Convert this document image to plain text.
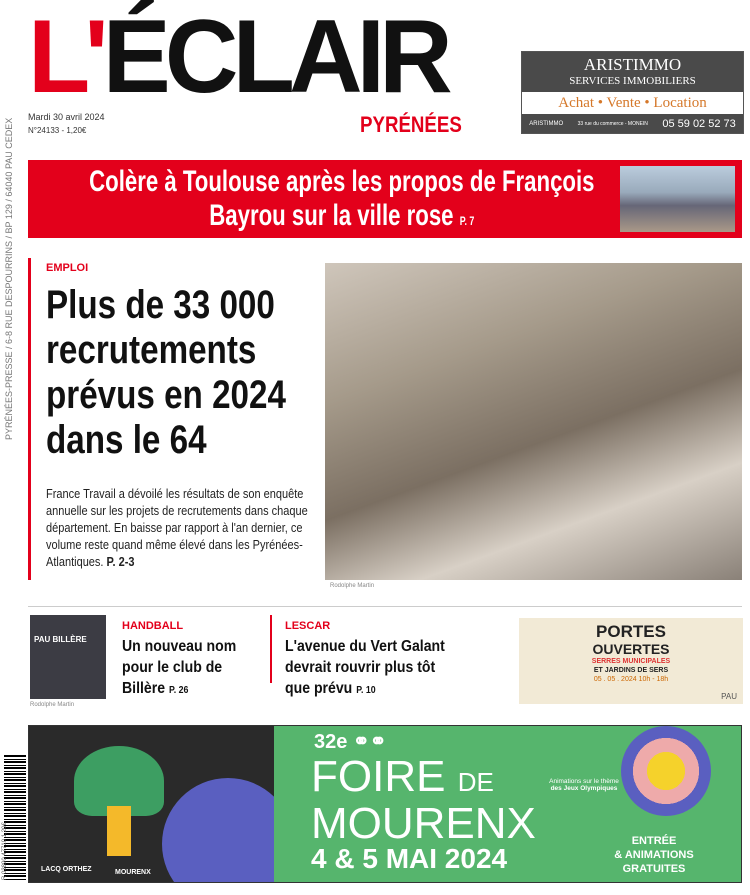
L'ÉCLAIR
Mardi 30 avril 2024
N°24133 - 1,20€	PYRÉNÉES
ARISTIMMO
SERVICES IMMOBILIERS
Achat • Vente • Location
ARISTIMMO	33 rue du commerce - MONEIN 05 59 02 52 73
PYRÉNÉES-PRESSE / 6-8 RUE DESPOURRINS / BP 129 / 64040 PAU CEDEX	Colère à Toulouse après les propos de François Bayrou sur la ville rose P. 7
EMPLOI
Plus de 33 000 recrutements prévus en 2024 dans le 64
France Travail a dévoilé les résultats de son enquête annuelle sur les projets de recrutements dans chaque département. En baisse par rapport à l'an dernier, ce volume reste quand même élevé dans les Pyrénées-Atlantiques. P. 2-3
Rodolphe Martin
PAU BILLÈRE
Rodolphe Martin
HANDBALL
Un nouveau nom pour le club de Billère P. 26
LESCAR
L'avenue du Vert Galant devrait rouvrir plus tôt que prévu P. 10
PORTES
OUVERTES
SERRES MUNICIPALES
ET JARDINS DE SERS
05 . 05 . 2024 10h - 18h
PAU
R 03890 47710 1,20€	LACQ ORTHEZ	MOURENX
32e ⚭⚭
FOIRE DE
MOURENX
4 & 5 MAI 2024
Animations sur le thème
des Jeux Olympiques
ENTRÉE
& ANIMATIONS
GRATUITES
